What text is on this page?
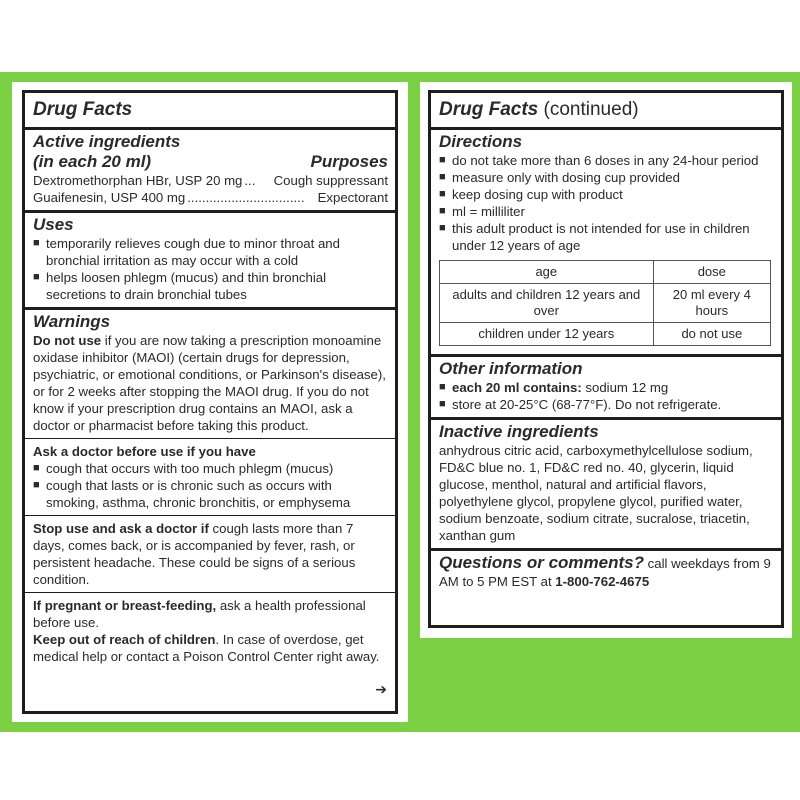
Drug Facts
Active ingredients
(in each 20 ml)	Purposes
Dextromethorphan HBr, USP 20 mg ...	Cough suppressant
Guaifenesin, USP 400 mg ................................ Expectorant
Uses
■ temporarily relieves cough due to minor throat and bronchial irritation as may occur with a cold
■ helps loosen phlegm (mucus) and thin bronchial secretions to drain bronchial tubes
Warnings
Do not use if you are now taking a prescription monoamine oxidase inhibitor (MAOI) (certain drugs for depression, psychiatric, or emotional conditions, or Parkinson's disease), or for 2 weeks after stopping the MAOI drug. If you do not know if your prescription drug contains an MAOI, ask a doctor or pharmacist before taking this product.
Ask a doctor before use if you have
■ cough that occurs with too much phlegm (mucus)
■ cough that lasts or is chronic such as occurs with smoking, asthma, chronic bronchitis, or emphysema
Stop use and ask a doctor if cough lasts more than 7 days, comes back, or is accompanied by fever, rash, or persistent headache. These could be signs of a serious condition.
If pregnant or breast-feeding, ask a health professional before use.
Keep out of reach of children. In case of overdose, get medical help or contact a Poison Control Center right away.
➔
Drug Facts (continued)
Directions
■ do not take more than 6 doses in any 24-hour period
■ measure only with dosing cup provided
■ keep dosing cup with product
■ ml = milliliter
■ this adult product is not intended for use in children under 12 years of age
age	dose
adults and children 12 years and over	20 ml every 4 hours
children under 12 years	do not use
Other information
■ each 20 ml contains: sodium 12 mg
■ store at 20-25°C (68-77°F). Do not refrigerate.
Inactive ingredients
anhydrous citric acid, carboxymethylcellulose sodium, FD&C blue no. 1, FD&C red no. 40, glycerin, liquid glucose, menthol, natural and artificial flavors, polyethylene glycol, propylene glycol, purified water, sodium benzoate, sodium citrate, sucralose, triacetin, xanthan gum
Questions or comments? call weekdays from 9 AM to 5 PM EST at 1-800-762-4675
